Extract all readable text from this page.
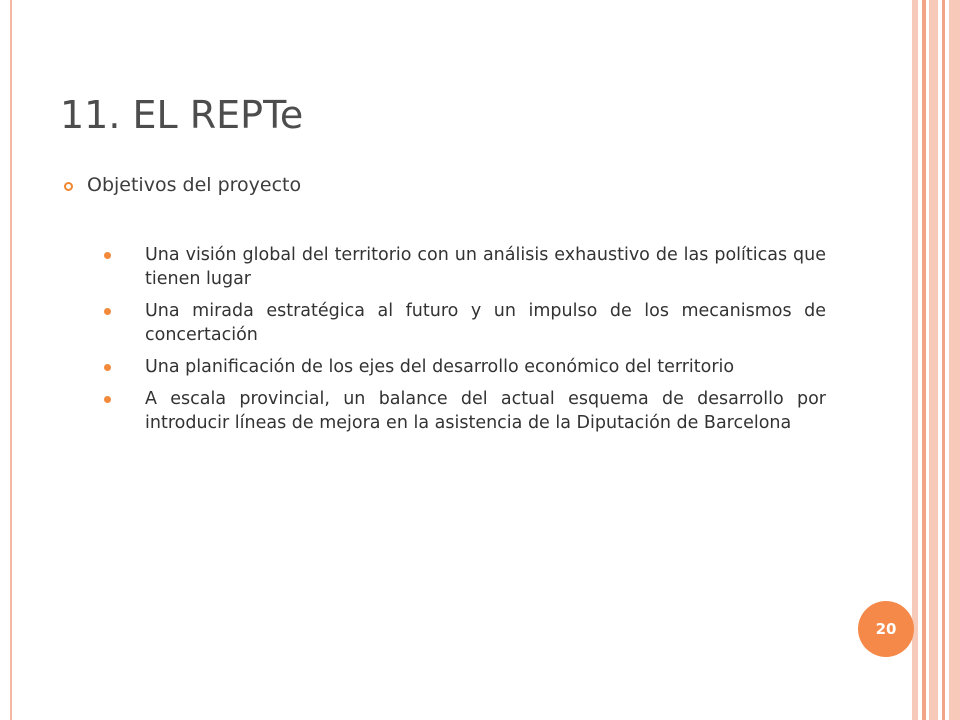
11. EL REPTe
Objetivos del proyecto
Una visión global del territorio con un análisis exhaustivo de las políticas que tienen lugar
Una mirada estratégica al futuro y un impulso de los mecanismos de concertación
Una planificación de los ejes del desarrollo económico del territorio
A escala provincial, un balance del actual esquema de desarrollo por introducir líneas de mejora en la asistencia de la Diputación de Barcelona
20
